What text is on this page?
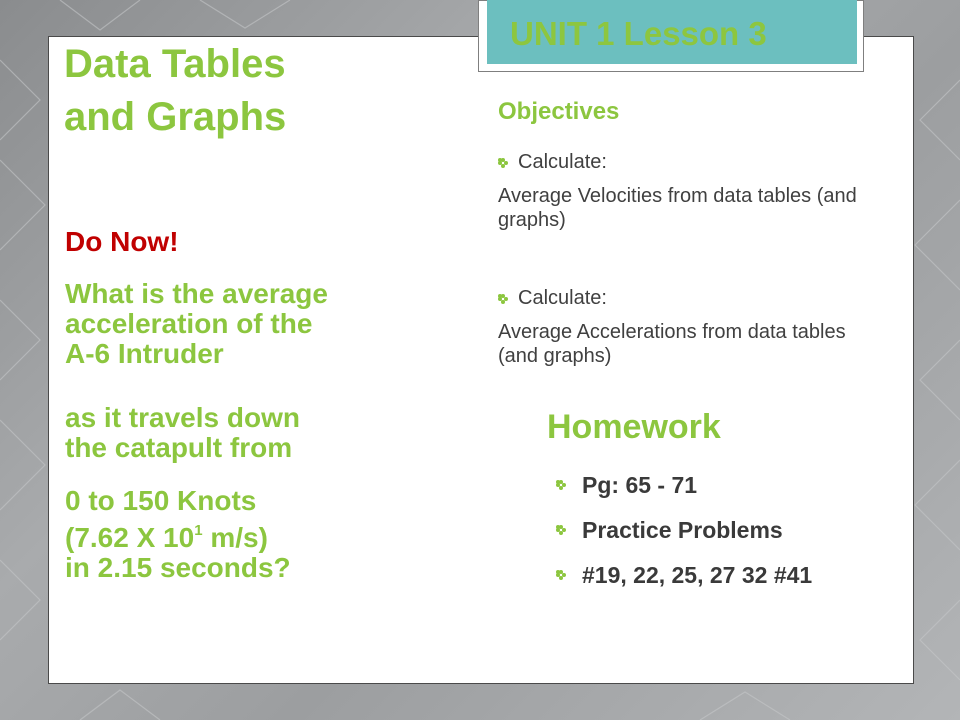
UNIT 1 Lesson 3
Data Tables
and Graphs

Do Now!

What is the average
acceleration of the
A-6 Intruder

as it travels down
the catapult from

0 to 150 Knots
(7.62 X $10^1$ m/s)
in 2.15 seconds?

Objectives
Calculate:
Average Velocities from data tables (and graphs)
Calculate:
Average Accelerations from data tables (and graphs)
Homework
Pg: 65 - 71
Practice Problems
#19, 22, 25, 27 32 #41
